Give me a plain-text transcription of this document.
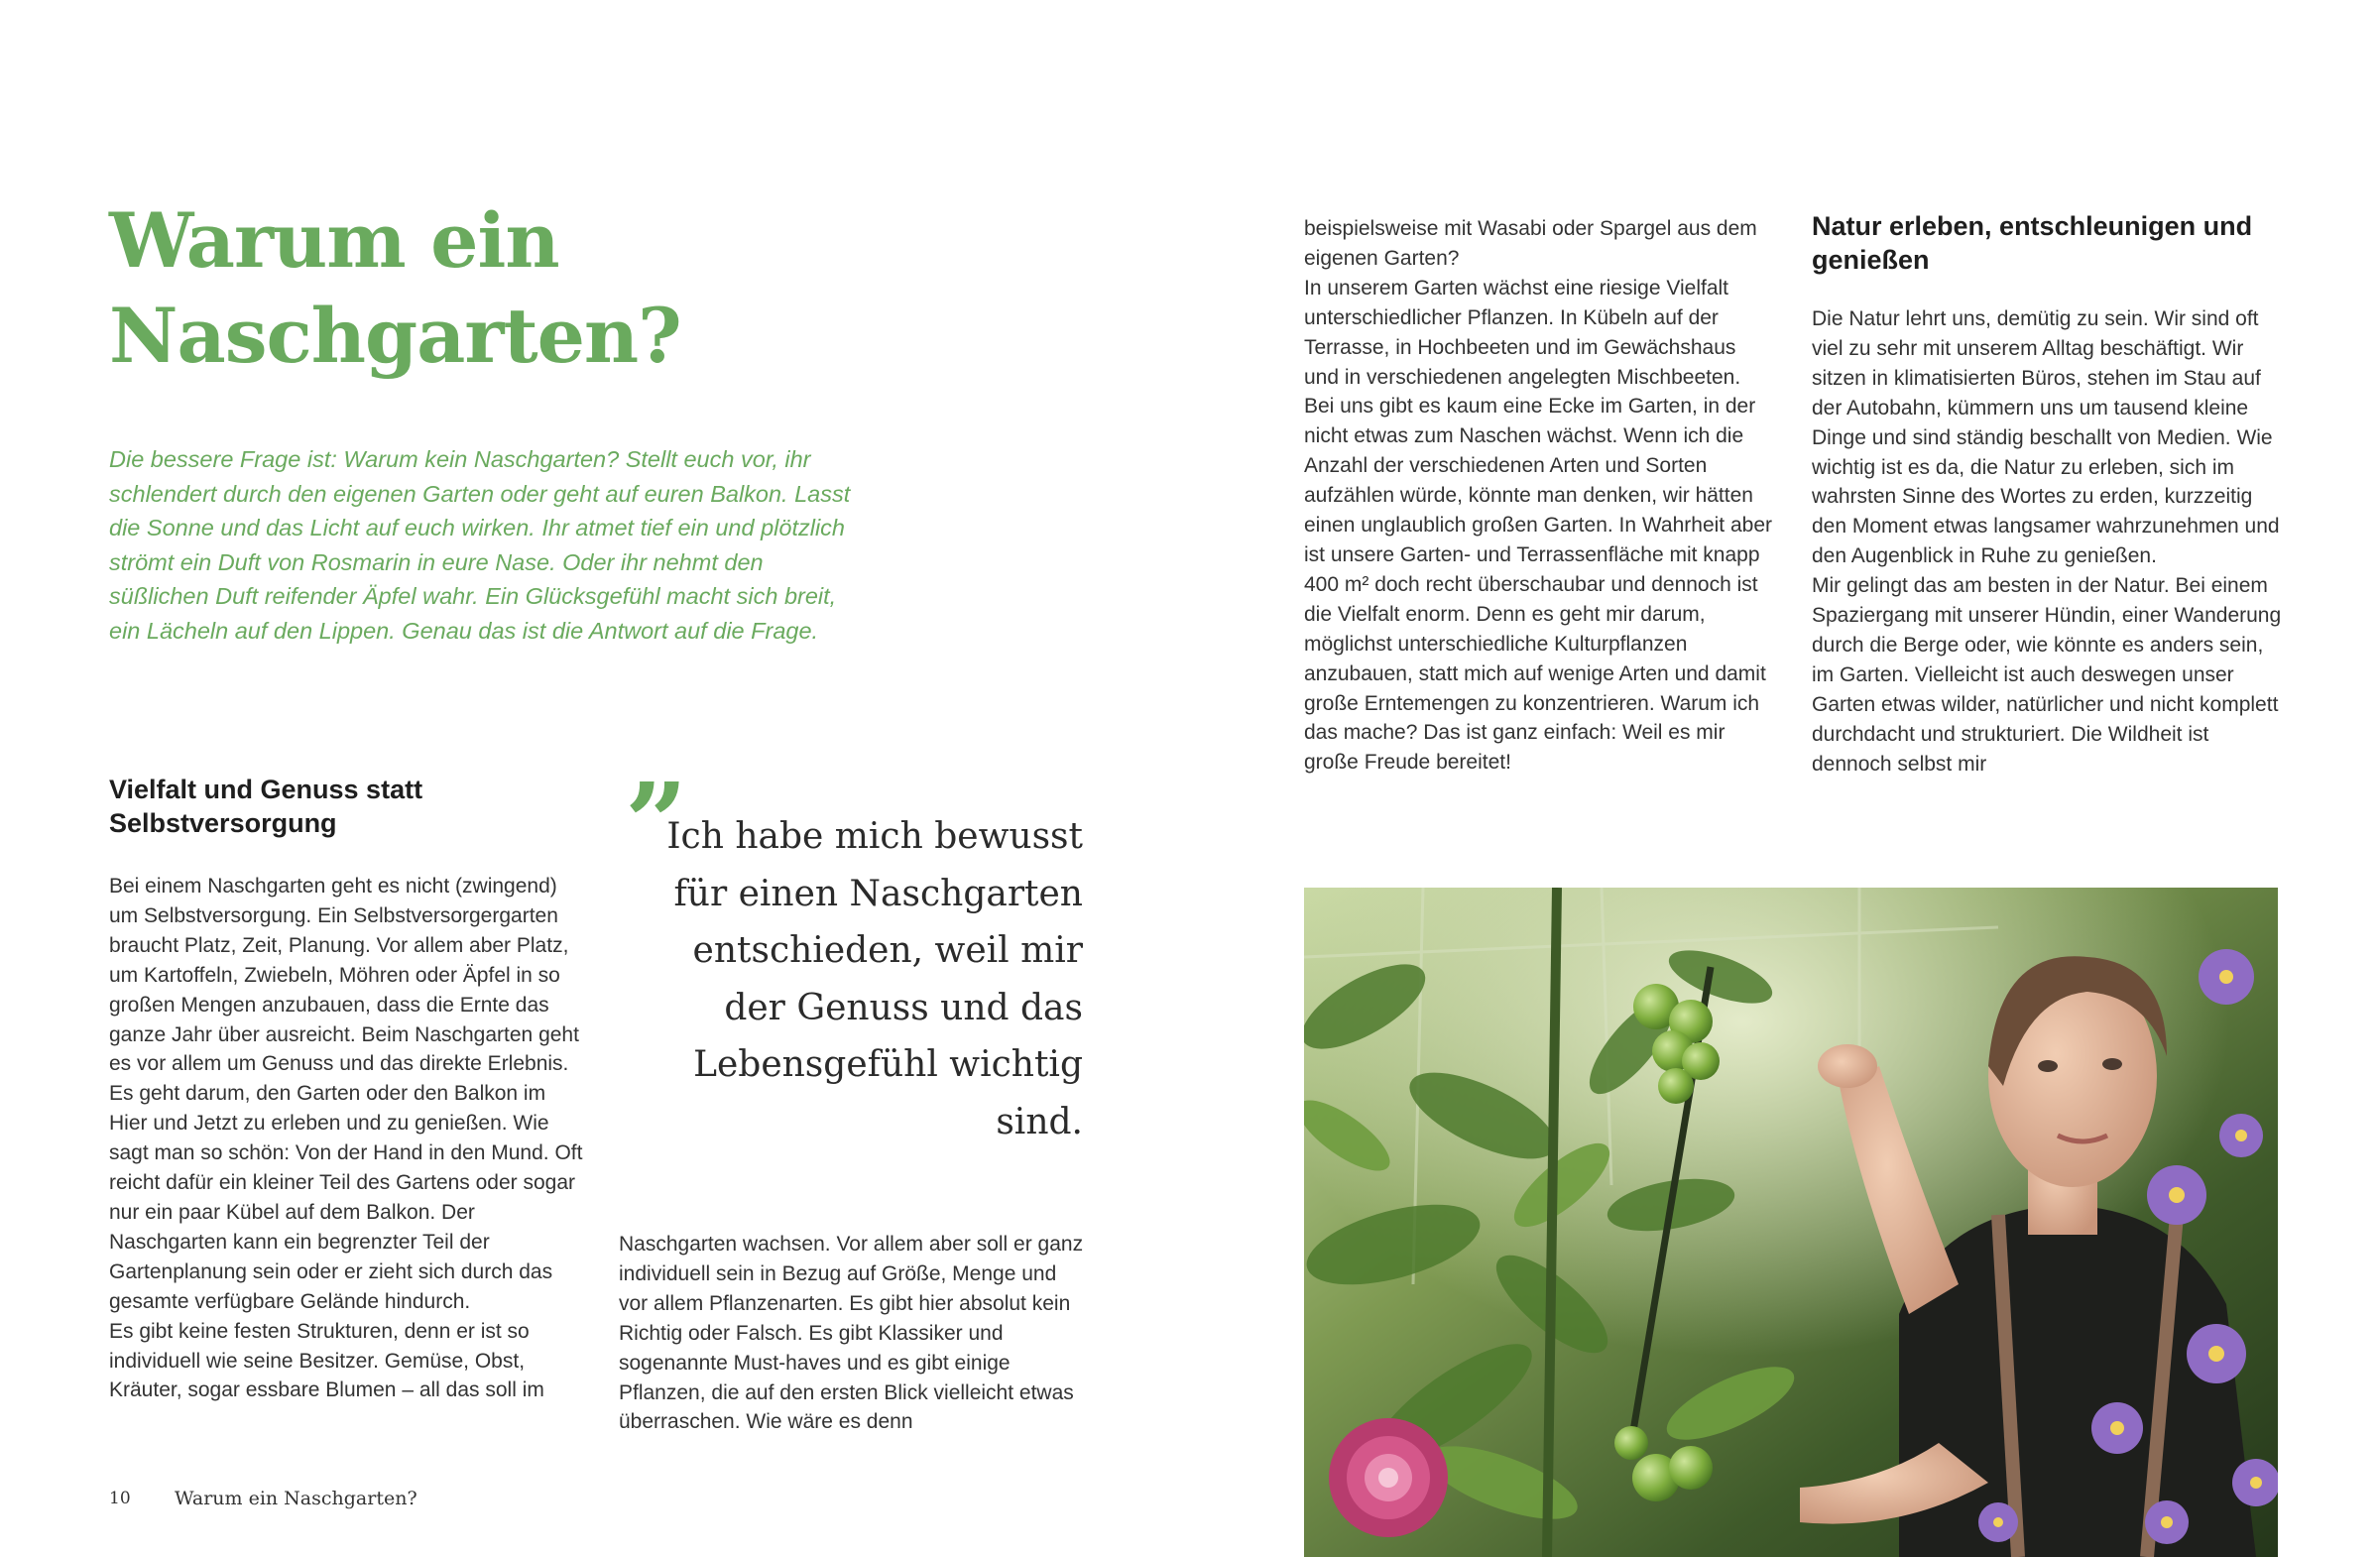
Warum ein Naschgarten?

Die bessere Frage ist: Warum kein Naschgarten? Stellt euch vor, ihr schlendert durch den eigenen Garten oder geht auf euren Balkon. Lasst die Sonne und das Licht auf euch wirken. Ihr atmet tief ein und plötzlich strömt ein Duft von Rosmarin in eure Nase. Oder ihr nehmt den süßlichen Duft reifender Äpfel wahr. Ein Glücksgefühl macht sich breit, ein Lächeln auf den Lippen. Genau das ist die Antwort auf die Frage.

Vielfalt und Genuss statt Selbstversorgung

Bei einem Naschgarten geht es nicht (zwingend) um Selbstversorgung. Ein Selbstversorgergarten braucht Platz, Zeit, Planung. Vor allem aber Platz, um Kartoffeln, Zwiebeln, Möhren oder Äpfel in so großen Mengen anzubauen, dass die Ernte das ganze Jahr über ausreicht. Beim Naschgarten geht es vor allem um Genuss und das direkte Erlebnis. Es geht darum, den Garten oder den Balkon im Hier und Jetzt zu erleben und zu genießen. Wie sagt man so schön: Von der Hand in den Mund. Oft reicht dafür ein kleiner Teil des Gartens oder sogar nur ein paar Kübel auf dem Balkon. Der Naschgarten kann ein begrenzter Teil der Gartenplanung sein oder er zieht sich durch das gesamte verfügbare Gelände hindurch.

Es gibt keine festen Strukturen, denn er ist so individuell wie seine Besitzer. Gemüse, Obst, Kräuter, sogar essbare Blumen – all das soll im

”

Ich habe mich bewusst für einen Naschgarten entschieden, weil mir der Genuss und das Lebensgefühl wichtig sind.

Naschgarten wachsen. Vor allem aber soll er ganz individuell sein in Bezug auf Größe, Menge und vor allem Pflanzenarten. Es gibt hier absolut kein Richtig oder Falsch. Es gibt Klassiker und sogenannte Must-haves und es gibt einige Pflanzen, die auf den ersten Blick vielleicht etwas überraschen. Wie wäre es denn

beispielsweise mit Wasabi oder Spargel aus dem eigenen Garten?

In unserem Garten wächst eine riesige Vielfalt unterschiedlicher Pflanzen. In Kübeln auf der Terrasse, in Hochbeeten und im Gewächshaus und in verschiedenen angelegten Mischbeeten. Bei uns gibt es kaum eine Ecke im Garten, in der nicht etwas zum Naschen wächst. Wenn ich die Anzahl der verschiedenen Arten und Sorten aufzählen würde, könnte man denken, wir hätten einen unglaublich großen Garten. In Wahrheit aber ist unsere Garten- und Terrassenfläche mit knapp 400 m² doch recht überschaubar und dennoch ist die Vielfalt enorm. Denn es geht mir darum, möglichst unterschiedliche Kulturpflanzen anzubauen, statt mich auf wenige Arten und damit große Erntemengen zu konzentrieren. Warum ich das mache? Das ist ganz einfach: Weil es mir große Freude bereitet!

Natur erleben, entschleunigen und genießen

Die Natur lehrt uns, demütig zu sein. Wir sind oft viel zu sehr mit unserem Alltag beschäftigt. Wir sitzen in klimatisierten Büros, stehen im Stau auf der Autobahn, kümmern uns um tausend kleine Dinge und sind ständig beschallt von Medien. Wie wichtig ist es da, die Natur zu erleben, sich im wahrsten Sinne des Wortes zu erden, kurzzeitig den Moment etwas langsamer wahrzunehmen und den Augenblick in Ruhe zu genießen.

Mir gelingt das am besten in der Natur. Bei einem Spaziergang mit unserer Hündin, einer Wanderung durch die Berge oder, wie könnte es anders sein, im Garten. Vielleicht ist auch deswegen unser Garten etwas wilder, natürlicher und nicht komplett durchdacht und strukturiert. Die Wildheit ist dennoch selbst mir

10 Warum ein Naschgarten?
